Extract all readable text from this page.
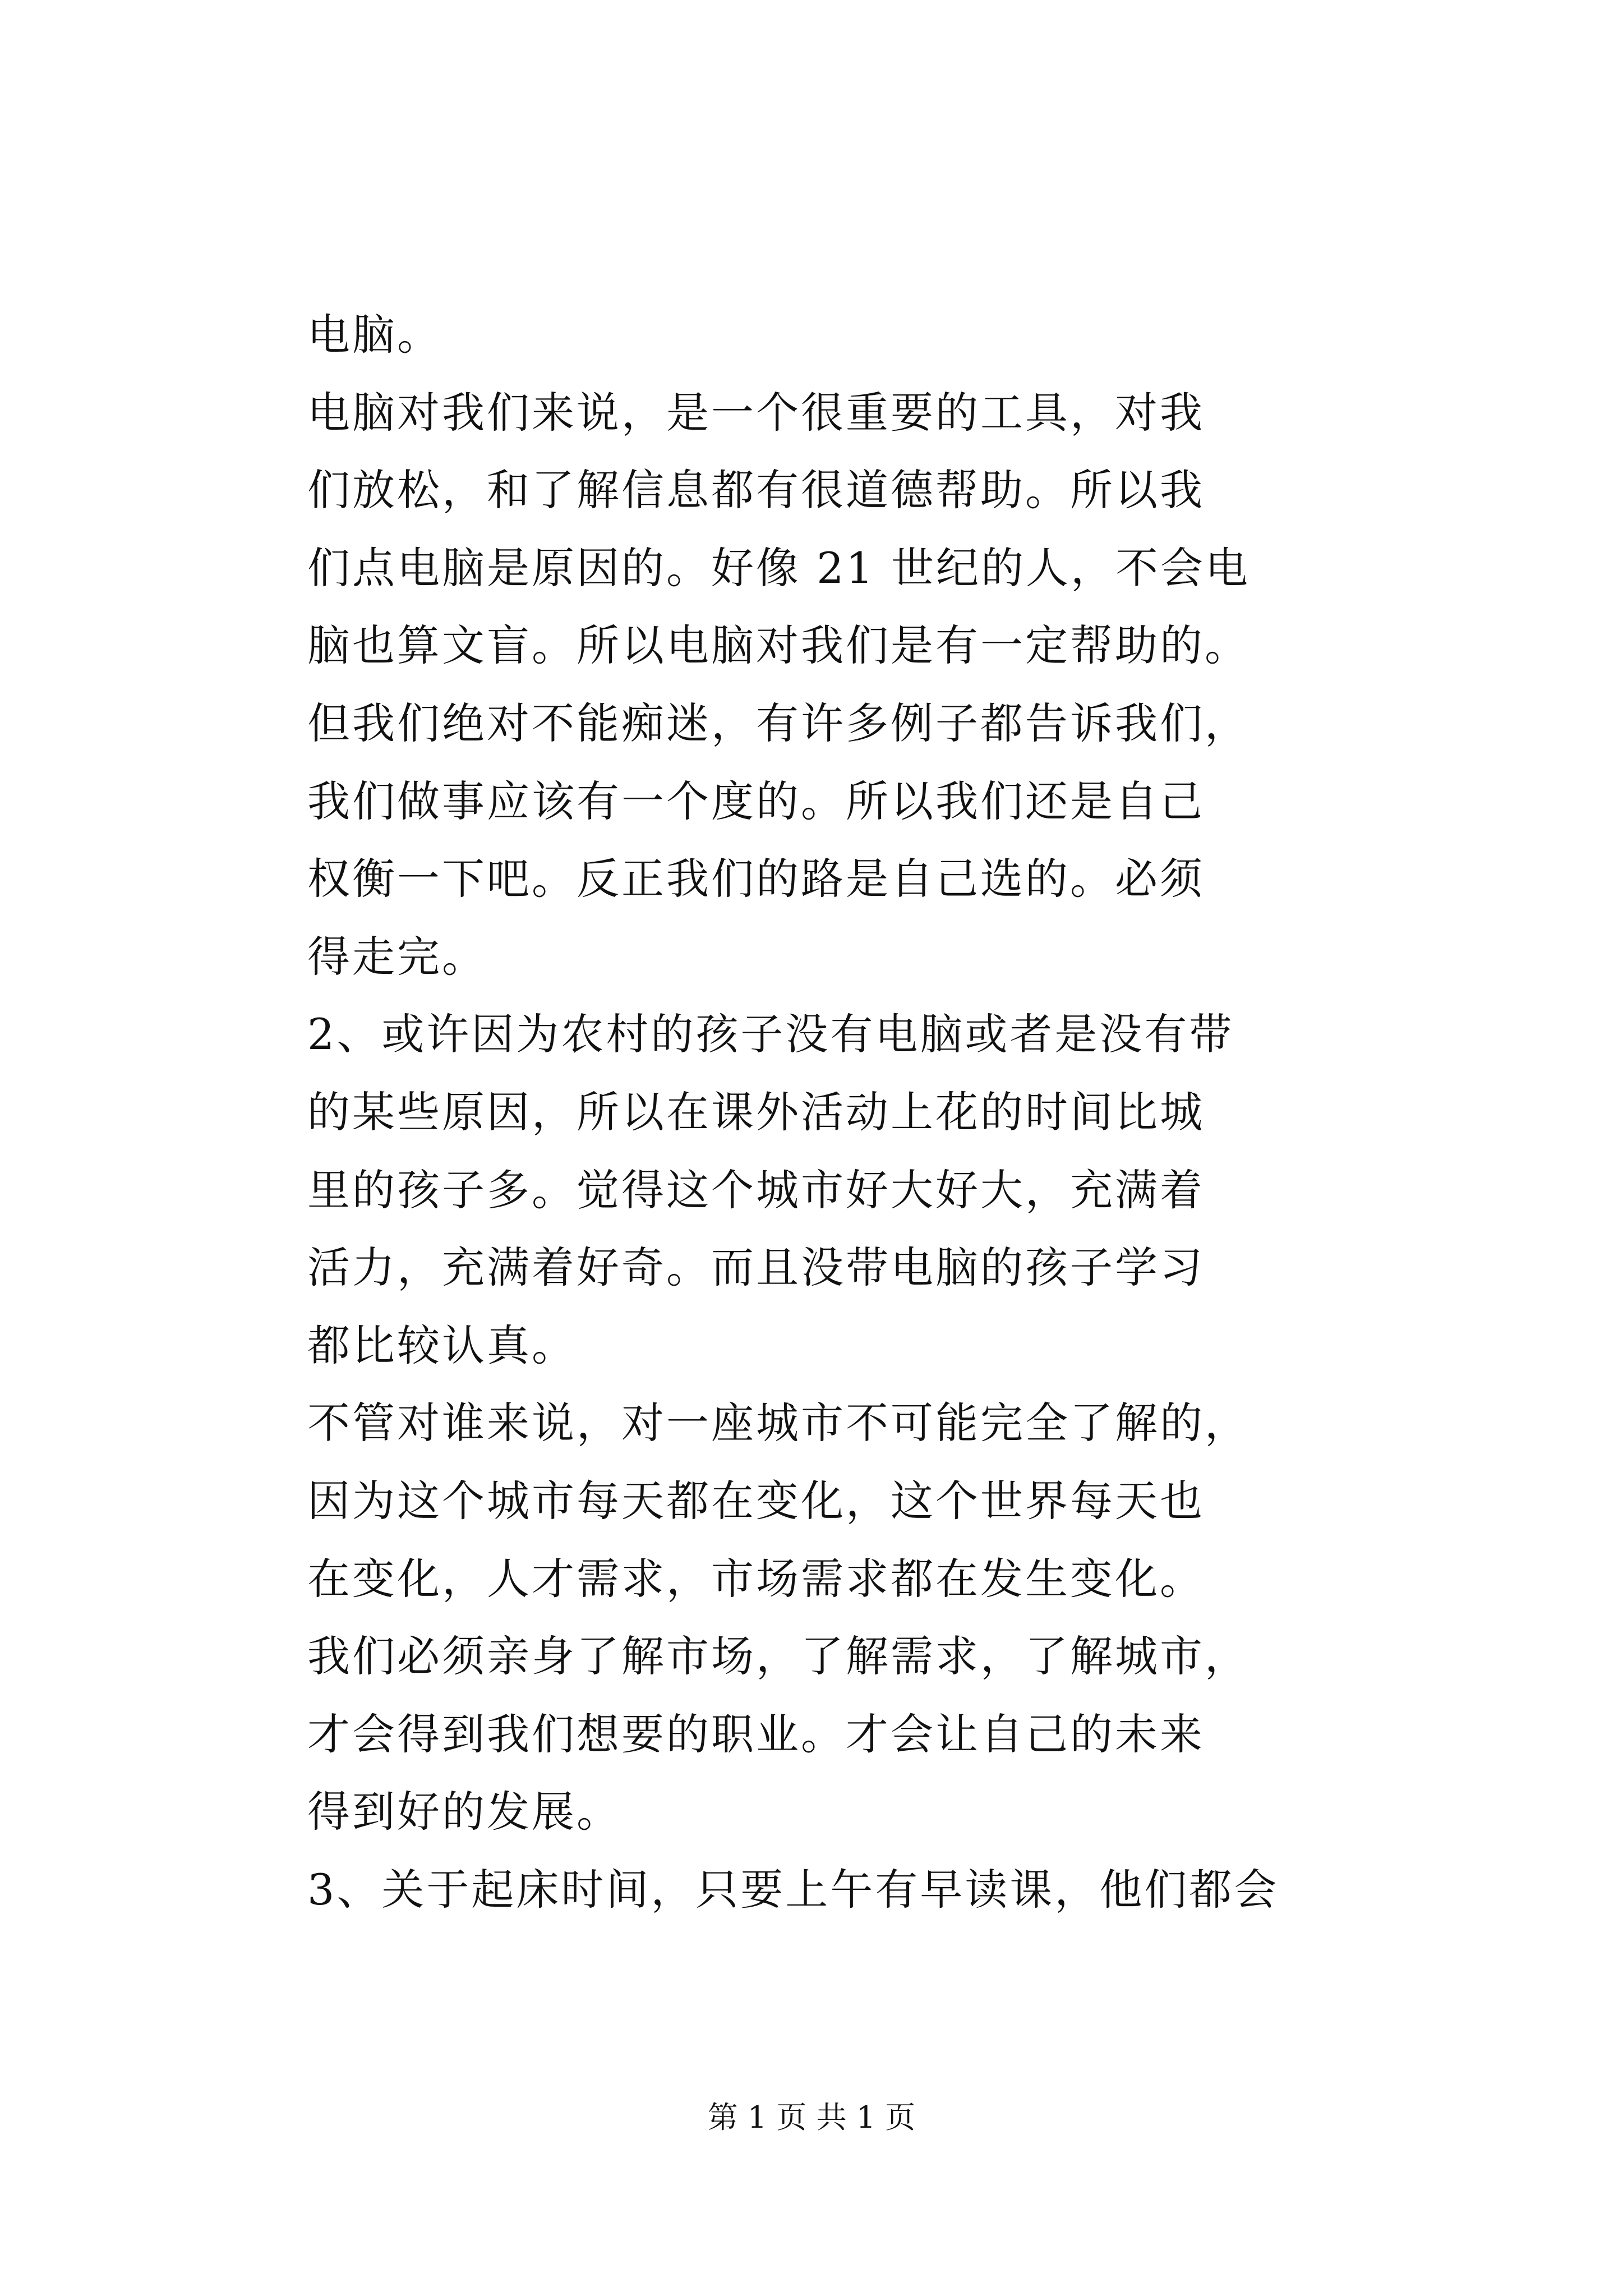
电脑。
电脑对我们来说，是一个很重要的工具，对我
们放松，和了解信息都有很道德帮助。所以我
们点电脑是原因的。好像 21 世纪的人，不会电
脑也算文盲。所以电脑对我们是有一定帮助的。
但我们绝对不能痴迷，有许多例子都告诉我们，
我们做事应该有一个度的。所以我们还是自己
权衡一下吧。反正我们的路是自己选的。必须
得走完。
2、或许因为农村的孩子没有电脑或者是没有带
的某些原因，所以在课外活动上花的时间比城
里的孩子多。觉得这个城市好大好大，充满着
活力，充满着好奇。而且没带电脑的孩子学习
都比较认真。
不管对谁来说，对一座城市不可能完全了解的，
因为这个城市每天都在变化，这个世界每天也
在变化，人才需求，市场需求都在发生变化。
我们必须亲身了解市场，了解需求，了解城市，
才会得到我们想要的职业。才会让自己的未来
得到好的发展。
3、关于起床时间，只要上午有早读课，他们都会
第 1 页 共 1 页
